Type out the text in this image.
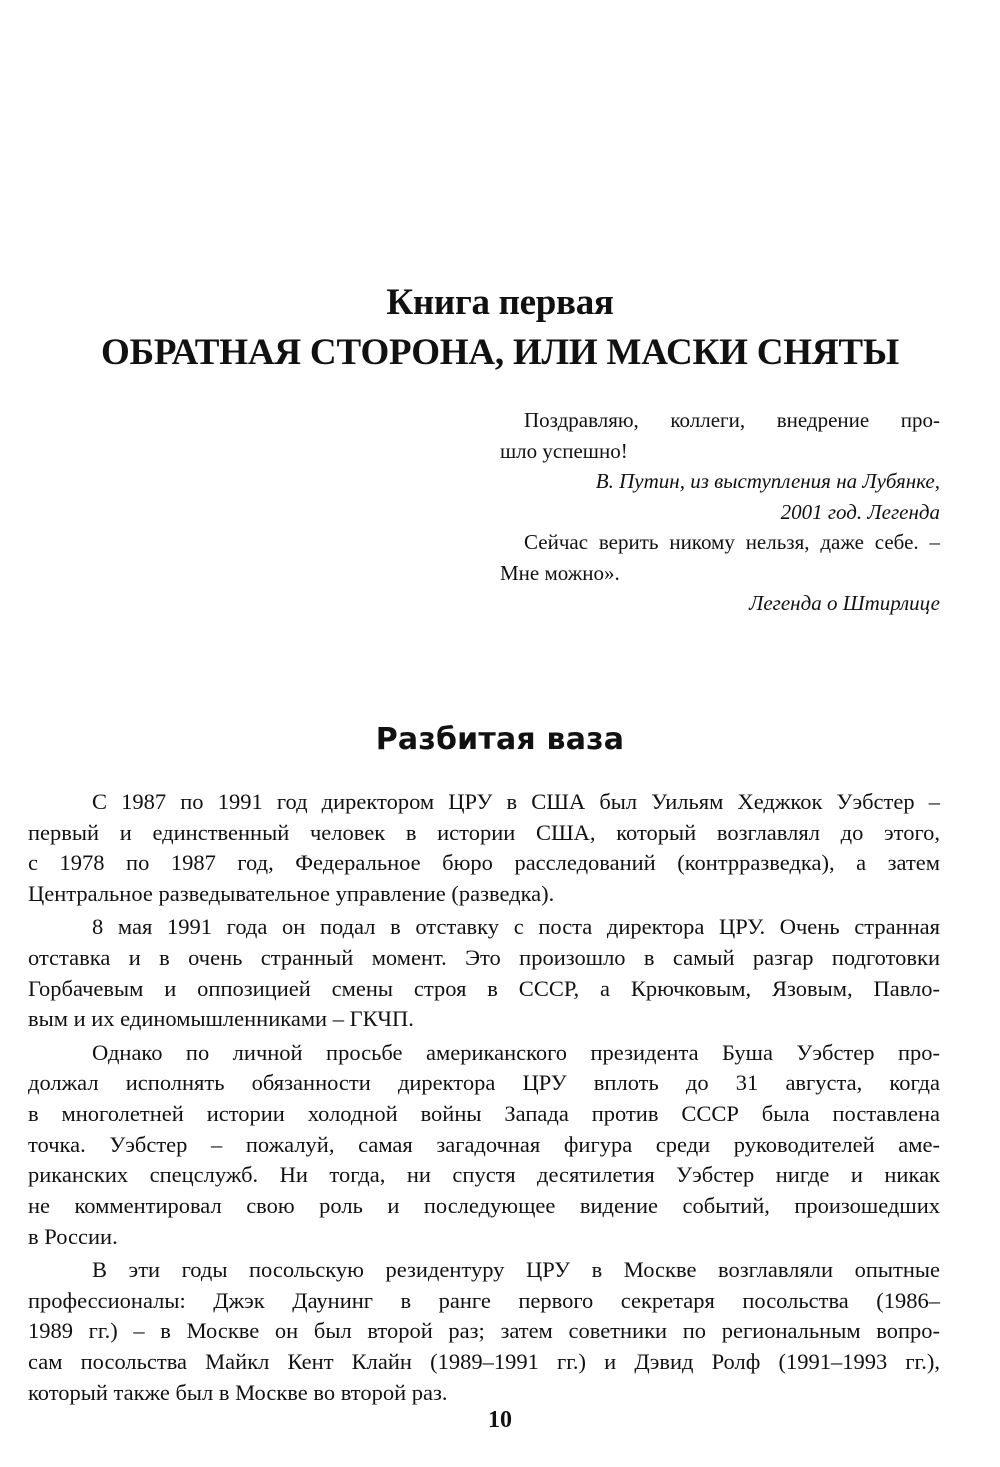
Книга первая
ОБРАТНАЯ СТОРОНА, ИЛИ МАСКИ СНЯТЫ

Поздравляю, коллеги, внедрение про-
шло успешно!

В. Путин, из выступления на Лубянке,
2001 год. Легенда

Сейчас верить никому нельзя, даже себе. –
Мне можно».

Легенда о Штирлице

Разбитая ваза

С 1987 по 1991 год директором ЦРУ в США был Уильям Хеджкок Уэбстер –
первый и единственный человек в истории США, который возглавлял до этого,
с 1978 по 1987 год, Федеральное бюро расследований (контрразведка), а затем
Центральное разведывательное управление (разведка).

8 мая 1991 года он подал в отставку с поста директора ЦРУ. Очень странная
отставка и в очень странный момент. Это произошло в самый разгар подготовки
Горбачевым и оппозицией смены строя в СССР, а Крючковым, Язовым, Павло-
вым и их единомышленниками – ГКЧП.

Однако по личной просьбе американского президента Буша Уэбстер про-
должал исполнять обязанности директора ЦРУ вплоть до 31 августа, когда
в многолетней истории холодной войны Запада против СССР была поставлена
точка. Уэбстер – пожалуй, самая загадочная фигура среди руководителей аме-
риканских спецслужб. Ни тогда, ни спустя десятилетия Уэбстер нигде и никак
не комментировал свою роль и последующее видение событий, произошедших
в России.

В эти годы посольскую резидентуру ЦРУ в Москве возглавляли опытные
профессионалы: Джэк Даунинг в ранге первого секретаря посольства (1986–
1989 гг.) – в Москве он был второй раз; затем советники по региональным вопро-
сам посольства Майкл Кент Клайн (1989–1991 гг.) и Дэвид Ролф (1991–1993 гг.),
который также был в Москве во второй раз.

10
